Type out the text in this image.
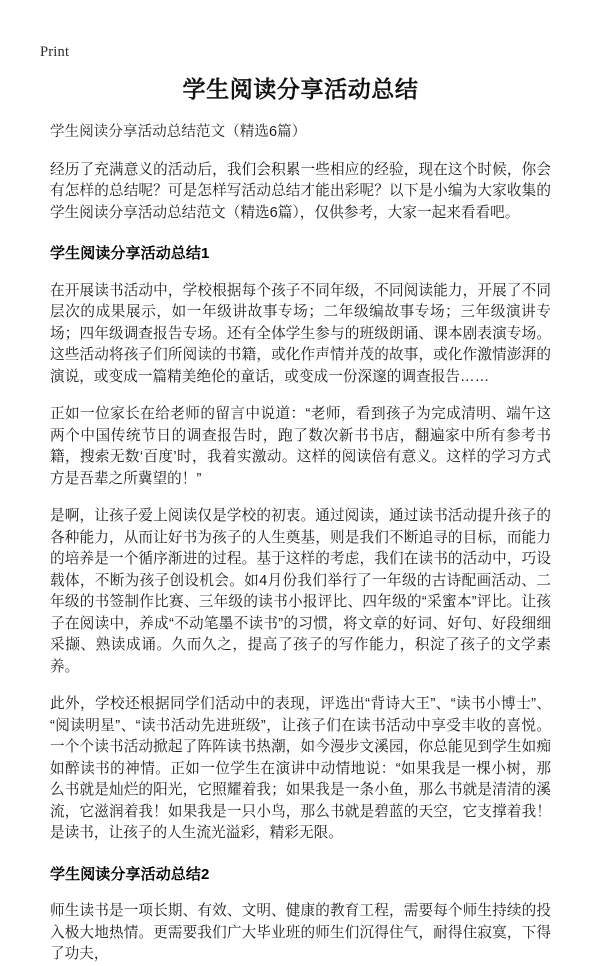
Print
学生阅读分享活动总结
学生阅读分享活动总结范文（精选6篇）

经历了充满意义的活动后，我们会积累一些相应的经验，现在这个时候，你会有怎样的总结呢？可是怎样写活动总结才能出彩呢？以下是小编为大家收集的学生阅读分享活动总结范文（精选6篇），仅供参考，大家一起来看看吧。

学生阅读分享活动总结1

在开展读书活动中，学校根据每个孩子不同年级，不同阅读能力，开展了不同层次的成果展示，如一年级讲故事专场；二年级编故事专场；三年级演讲专场；四年级调查报告专场。还有全体学生参与的班级朗诵、课本剧表演专场。这些活动将孩子们所阅读的书籍，或化作声情并茂的故事，或化作激情澎湃的演说，或变成一篇精美绝伦的童话，或变成一份深邃的调查报告……

正如一位家长在给老师的留言中说道：“老师，看到孩子为完成清明、端午这两个中国传统节日的调查报告时，跑了数次新书书店，翻遍家中所有参考书籍，搜索无数‘百度’时，我着实激动。这样的阅读倍有意义。这样的学习方式方是吾辈之所冀望的！”

是啊，让孩子爱上阅读仅是学校的初衷。通过阅读，通过读书活动提升孩子的各种能力，从而让好书为孩子的人生奠基，则是我们不断追寻的目标，而能力的培养是一个循序渐进的过程。基于这样的考虑，我们在读书的活动中，巧设载体，不断为孩子创设机会。如4月份我们举行了一年级的古诗配画活动、二年级的书签制作比赛、三年级的读书小报评比、四年级的“采蜜本”评比。让孩子在阅读中，养成“不动笔墨不读书”的习惯，将文章的好词、好句、好段细细采撷、熟读成诵。久而久之，提高了孩子的写作能力，积淀了孩子的文学素养。

此外，学校还根据同学们活动中的表现，评选出“背诗大王”、“读书小博士”、“阅读明星”、“读书活动先进班级”，让孩子们在读书活动中享受丰收的喜悦。一个个读书活动掀起了阵阵读书热潮，如今漫步文溪园，你总能见到学生如痴如醉读书的神情。正如一位学生在演讲中动情地说：“如果我是一棵小树，那么书就是灿烂的阳光，它照耀着我；如果我是一条小鱼，那么书就是清清的溪流，它滋润着我！如果我是一只小鸟，那么书就是碧蓝的天空，它支撑着我！是读书，让孩子的人生流光溢彩，精彩无限。

学生阅读分享活动总结2

师生读书是一项长期、有效、文明、健康的教育工程，需要每个师生持续的投入极大地热情。更需要我们广大毕业班的师生们沉得住气，耐得住寂寞，下得了功夫，
